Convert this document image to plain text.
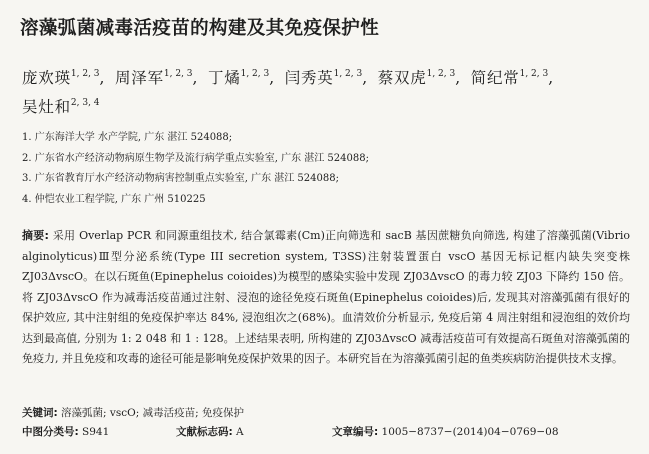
溶藻弧菌减毒活疫苗的构建及其免疫保护性
庞欢瑛$^{1, 2, 3}$, 周泽军$^{1, 2, 3}$, 丁燏$^{1, 2, 3}$, 闫秀英$^{1, 2, 3}$, 蔡双虎$^{1, 2, 3}$, 简纪常$^{1, 2, 3}$, 吴灶和$^{2, 3, 4}$
1. 广东海洋大学 水产学院, 广东 湛江 524088;
2. 广东省水产经济动物病原生物学及流行病学重点实验室, 广东 湛江 524088;
3. 广东省教育厅水产经济动物病害控制重点实验室, 广东 湛江 524088;
4. 仲恺农业工程学院, 广东 广州 510225
摘要: 采用 Overlap PCR 和同源重组技术, 结合氯霉素(Cm)正向筛选和 sacB 基因蔗糖负向筛选, 构建了溶藻弧菌(Vibrio alginolyticus)Ⅲ型分泌系统(Type III secretion system, T3SS)注射装置蛋白 vscO 基因无标记框内缺失突变株 ZJ03ΔvscO。在以石斑鱼(Epinephelus coioides)为模型的感染实验中发现 ZJ03ΔvscO 的毒力较 ZJ03 下降约 150 倍。将 ZJ03ΔvscO 作为减毒活疫苗通过注射、浸泡的途径免疫石斑鱼(Epinephelus coioides)后, 发现其对溶藻弧菌有很好的保护效应, 其中注射组的免疫保护率达 84%, 浸泡组次之(68%)。血清效价分析显示, 免疫后第 4 周注射组和浸泡组的效价均达到最高值, 分别为 1: 2 048 和 1 : 128。上述结果表明, 所构建的 ZJ03ΔvscO 减毒活疫苗可有效提高石斑鱼对溶藻弧菌的免疫力, 并且免疫和攻毒的途径可能是影响免疫保护效果的因子。本研究旨在为溶藻弧菌引起的鱼类疾病防治提供技术支撑。
关键词: 溶藻弧菌; vscO; 减毒活疫苗; 免疫保护
中图分类号: S941	文献标志码: A	文章编号: 1005−8737−(2014)04−0769−08
